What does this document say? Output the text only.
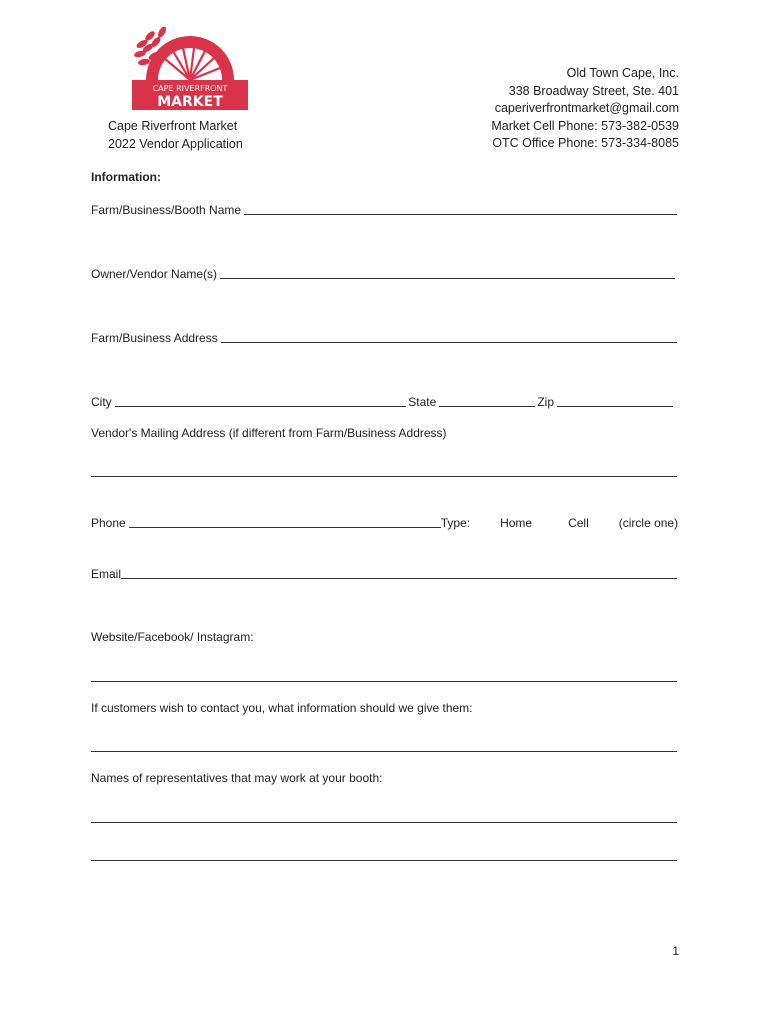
CAPE RIVERFRONT
MARKET
Cape Riverfront Market
2022 Vendor Application
Old Town Cape, Inc.
338 Broadway Street, Ste. 401
caperiverfrontmarket@gmail.com
Market Cell Phone: 573-382-0539
OTC Office Phone: 573-334-8085
Information:
Farm/Business/Booth Name
Owner/Vendor Name(s)
Farm/Business Address
City	State	Zip
Vendor's Mailing Address (if different from Farm/Business Address)
Phone	Type:	Home	Cell	(circle one)
Email
Website/Facebook/ Instagram:
If customers wish to contact you, what information should we give them:
Names of representatives that may work at your booth:
1
